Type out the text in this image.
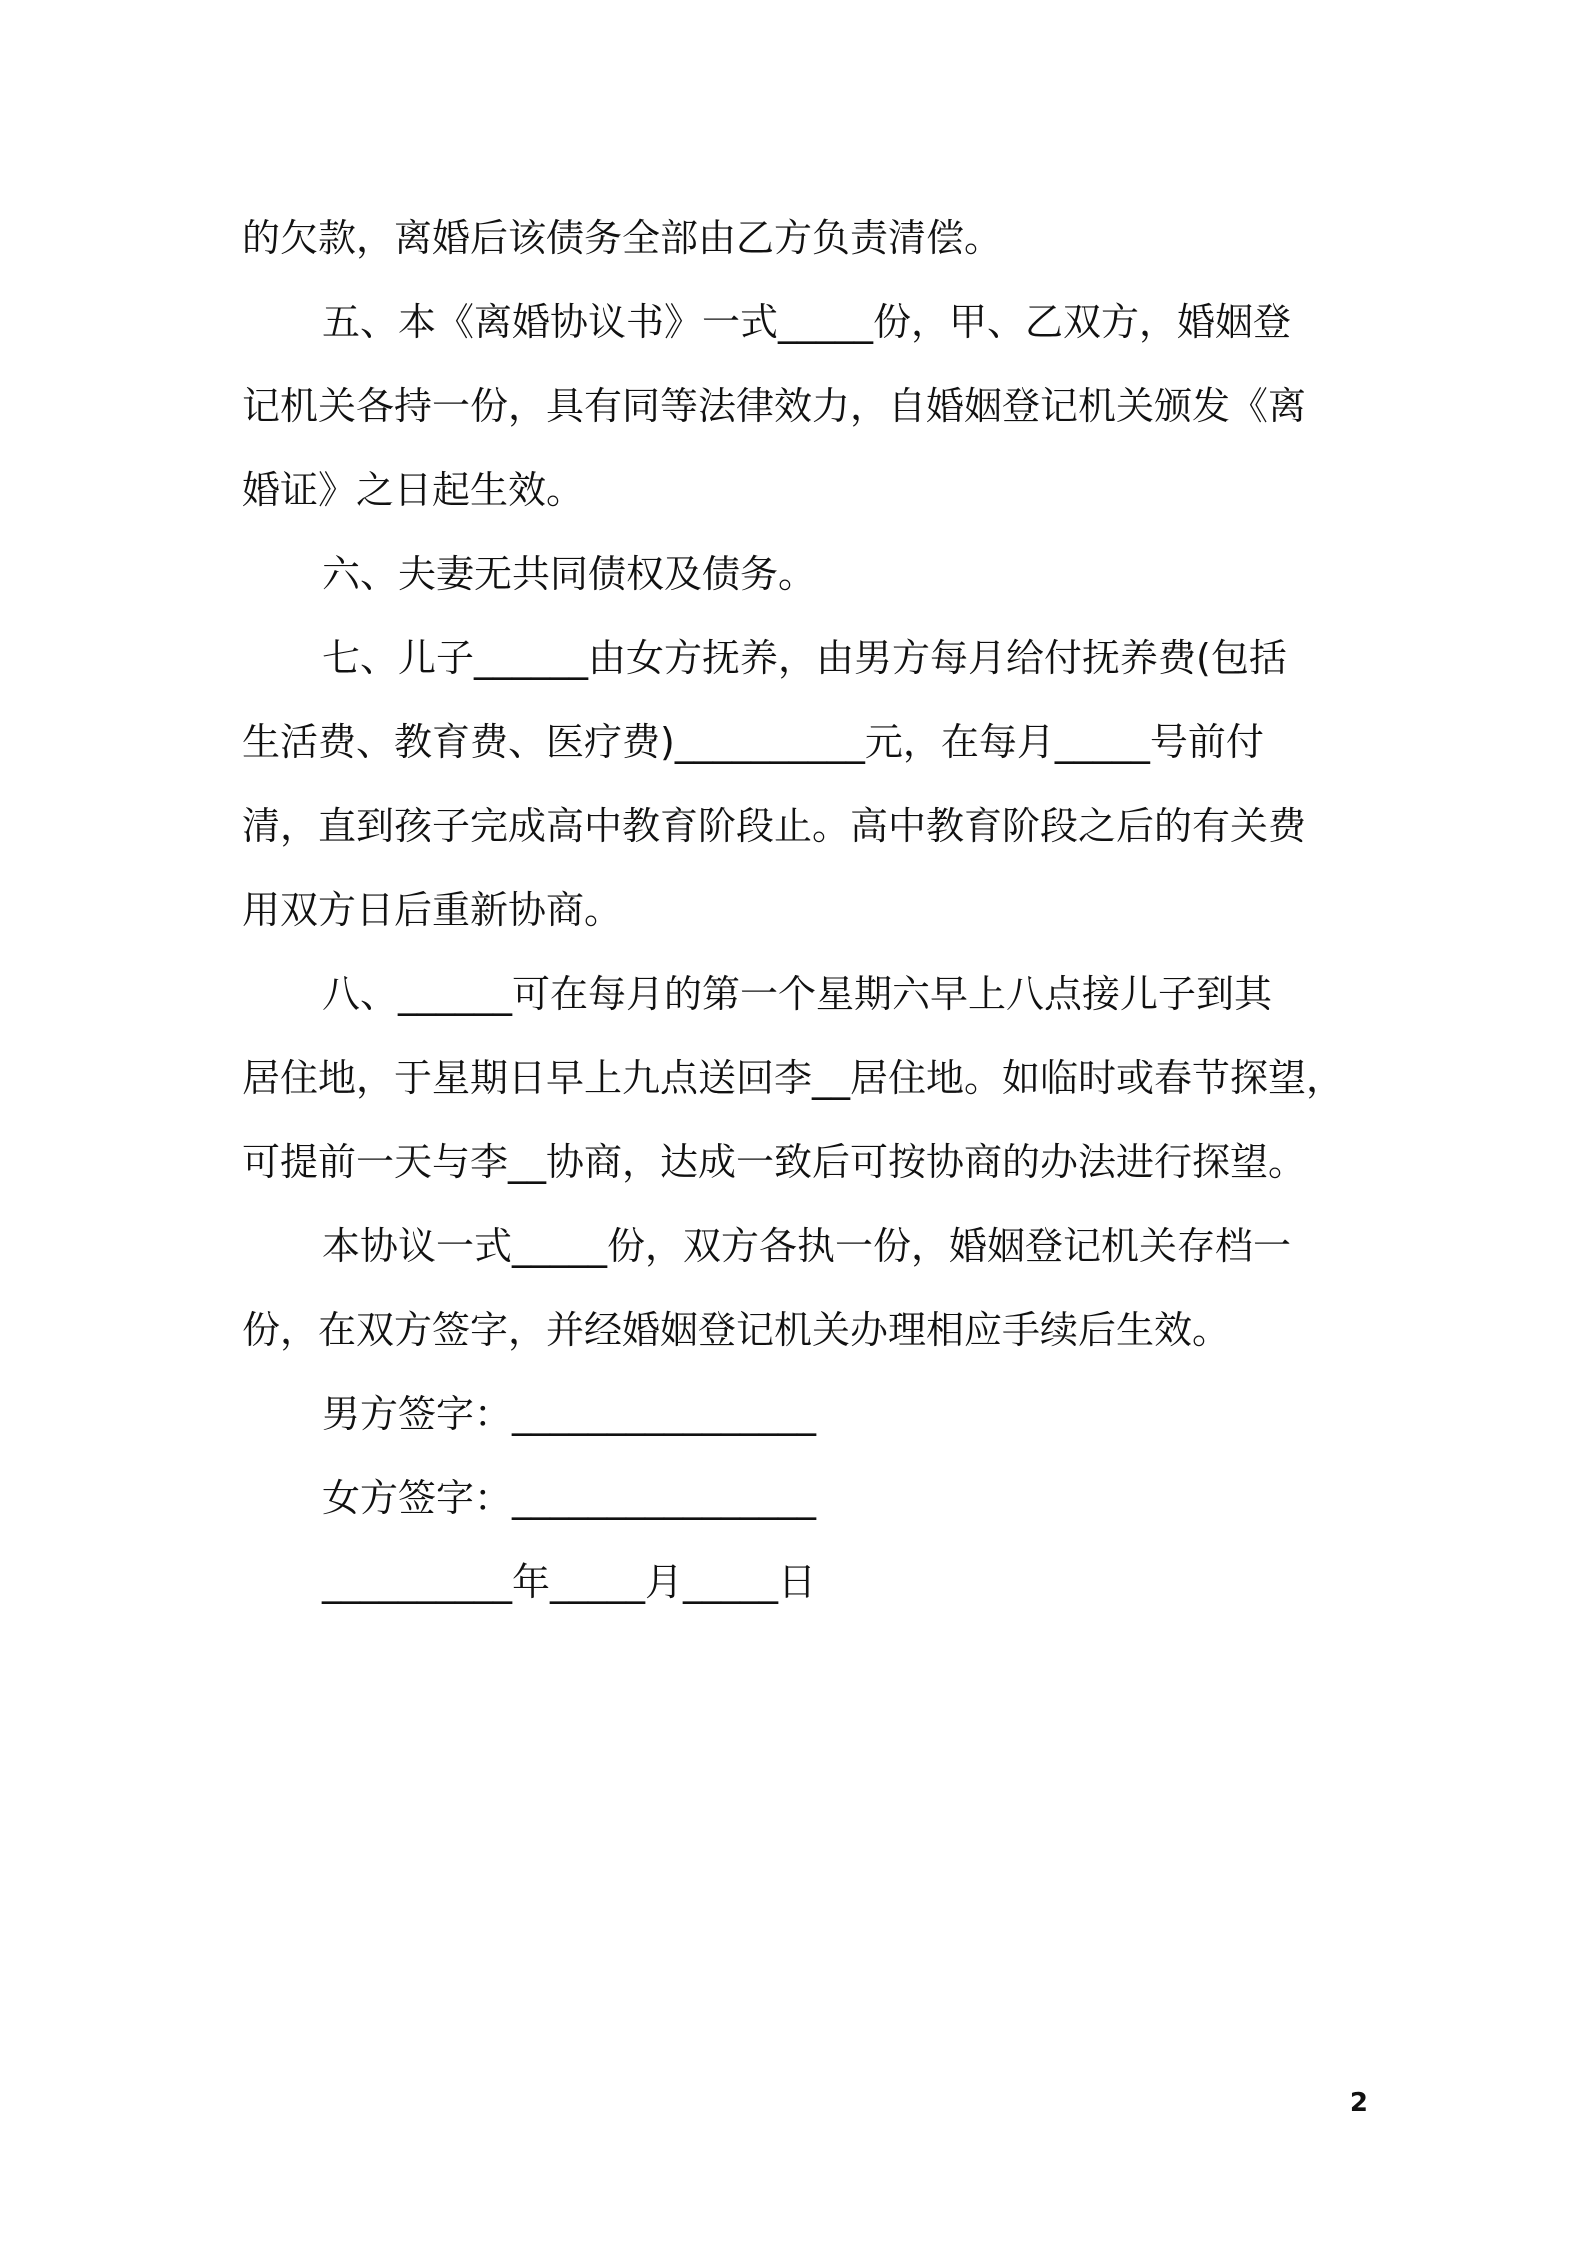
的欠款，离婚后该债务全部由乙方负责清偿。
五、本《离婚协议书》一式_____份，甲、乙双方，婚姻登
记机关各持一份，具有同等法律效力，自婚姻登记机关颁发《离
婚证》之日起生效。
六、夫妻无共同债权及债务。
七、儿子______由女方抚养，由男方每月给付抚养费(包括
生活费、教育费、医疗费)__________元，在每月_____号前付
清，直到孩子完成高中教育阶段止。高中教育阶段之后的有关费
用双方日后重新协商。
八、______可在每月的第一个星期六早上八点接儿子到其
居住地，于星期日早上九点送回李__居住地。如临时或春节探望，
可提前一天与李__协商，达成一致后可按协商的办法进行探望。
本协议一式_____份，双方各执一份，婚姻登记机关存档一
份，在双方签字，并经婚姻登记机关办理相应手续后生效。
男方签字：________________
女方签字：________________
__________年_____月_____日
2
